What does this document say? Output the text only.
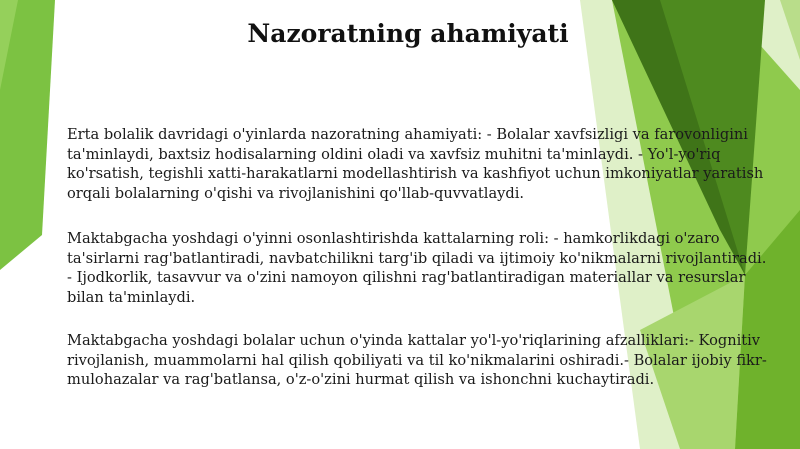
Nazoratning ahamiyati

Erta bolalik davridagi o'yinlarda nazoratning ahamiyati: - Bolalar xavfsizligi va farovonligini ta'minlaydi, baxtsiz hodisalarning oldini oladi va xavfsiz muhitni ta'minlaydi. - Yo'l-yo'riq ko'rsatish, tegishli xatti-harakatlarni modellashtirish va kashfiyot uchun imkoniyatlar yaratish orqali bolalarning o'qishi va rivojlanishini qo'llab-quvvatlaydi.

Maktabgacha yoshdagi o'yinni osonlashtirishda kattalarning roli: - hamkorlikdagi o'zaro ta'sirlarni rag'batlantiradi, navbatchilikni targ'ib qiladi va ijtimoiy ko'nikmalarni rivojlantiradi. - Ijodkorlik, tasavvur va o'zini namoyon qilishni rag'batlantiradigan materiallar va resurslar bilan ta'minlaydi.

Maktabgacha yoshdagi bolalar uchun o'yinda kattalar yo'l-yo'riqlarining afzalliklari:- Kognitiv rivojlanish, muammolarni hal qilish qobiliyati va til ko'nikmalarini oshiradi.- Bolalar ijobiy fikr-mulohazalar va rag'batlansa, o'z-o'zini hurmat qilish va ishonchni kuchaytiradi.
